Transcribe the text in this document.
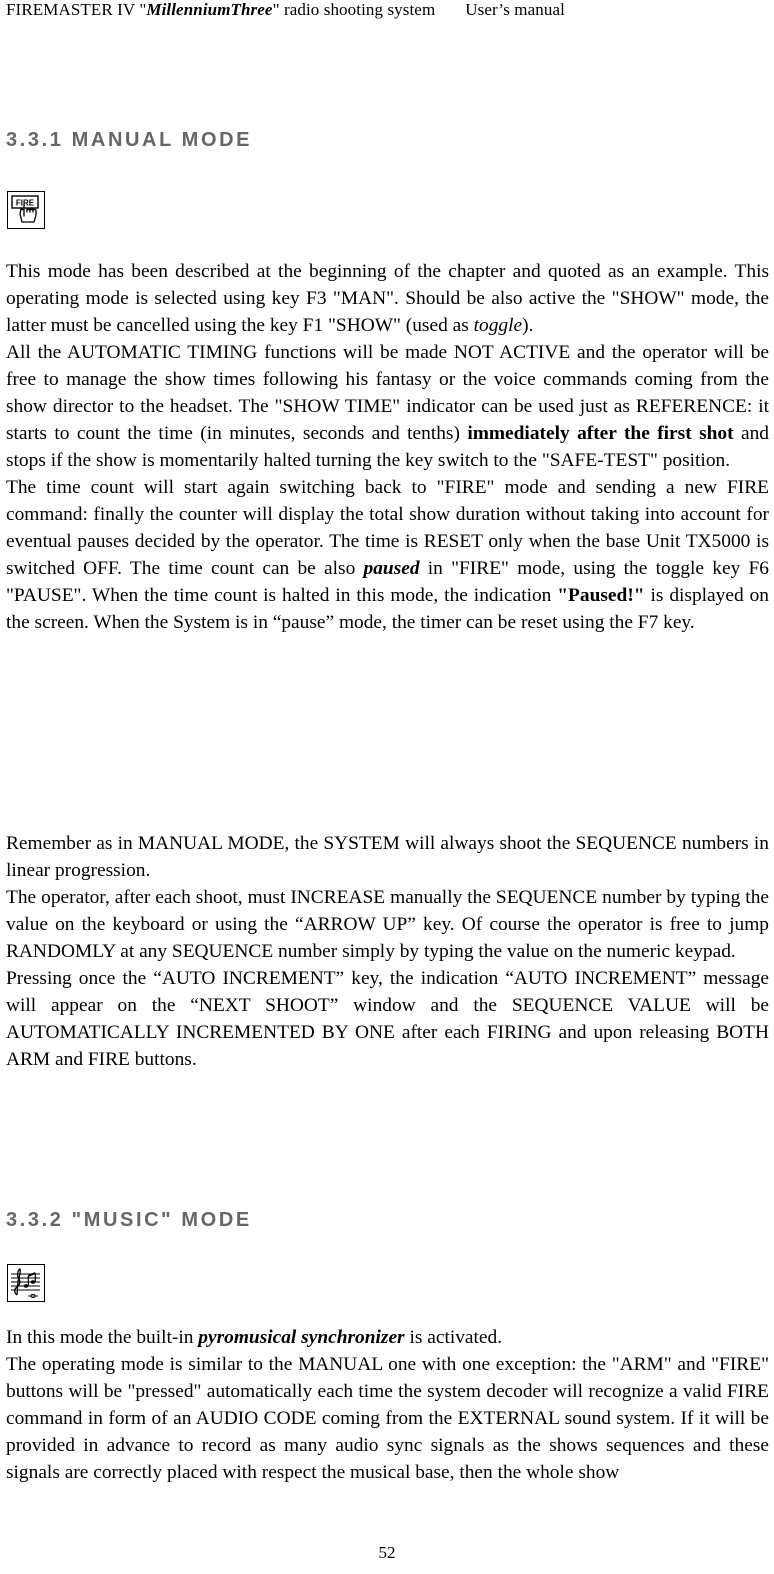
FIREMASTER IV "MillenniumThree" radio shooting system User’s manual
3.3.1 MANUAL MODE
FIRE

This mode has been described at the beginning of the chapter and quoted as an example. This operating mode is selected using key F3 "MAN". Should be also active the "SHOW" mode, the latter must be cancelled using the key F1 "SHOW" (used as toggle).

All the AUTOMATIC TIMING functions will be made NOT ACTIVE and the operator will be free to manage the show times following his fantasy or the voice commands coming from the show director to the headset. The "SHOW TIME" indicator can be used just as REFERENCE: it starts to count the time (in minutes, seconds and tenths) immediately after the first shot and stops if the show is momentarily halted turning the key switch to the "SAFE-TEST" position.

The time count will start again switching back to "FIRE" mode and sending a new FIRE command: finally the counter will display the total show duration without taking into account for eventual pauses decided by the operator. The time is RESET only when the base Unit TX5000 is switched OFF. The time count can be also paused in "FIRE" mode, using the toggle key F6 "PAUSE". When the time count is halted in this mode, the indication "Paused!" is displayed on the screen. When the System is in “pause” mode, the timer can be reset using the F7 key.

Remember as in MANUAL MODE, the SYSTEM will always shoot the SEQUENCE numbers in linear progression.

The operator, after each shoot, must INCREASE manually the SEQUENCE number by typing the value on the keyboard or using the “ARROW UP” key. Of course the operator is free to jump RANDOMLY at any SEQUENCE number simply by typing the value on the numeric keypad.

Pressing once the “AUTO INCREMENT” key, the indication “AUTO INCREMENT” message will appear on the “NEXT SHOOT” window and the SEQUENCE VALUE will be AUTOMATICALLY INCREMENTED BY ONE after each FIRING and upon releasing BOTH ARM and FIRE buttons.

3.3.2 "MUSIC" MODE

In this mode the built-in pyromusical synchronizer is activated.

The operating mode is similar to the MANUAL one with one exception: the "ARM" and "FIRE" buttons will be "pressed" automatically each time the system decoder will recognize a valid FIRE command in form of an AUDIO CODE coming from the EXTERNAL sound system. If it will be provided in advance to record as many audio sync signals as the shows sequences and these signals are correctly placed with respect the musical base, then the whole show

52
